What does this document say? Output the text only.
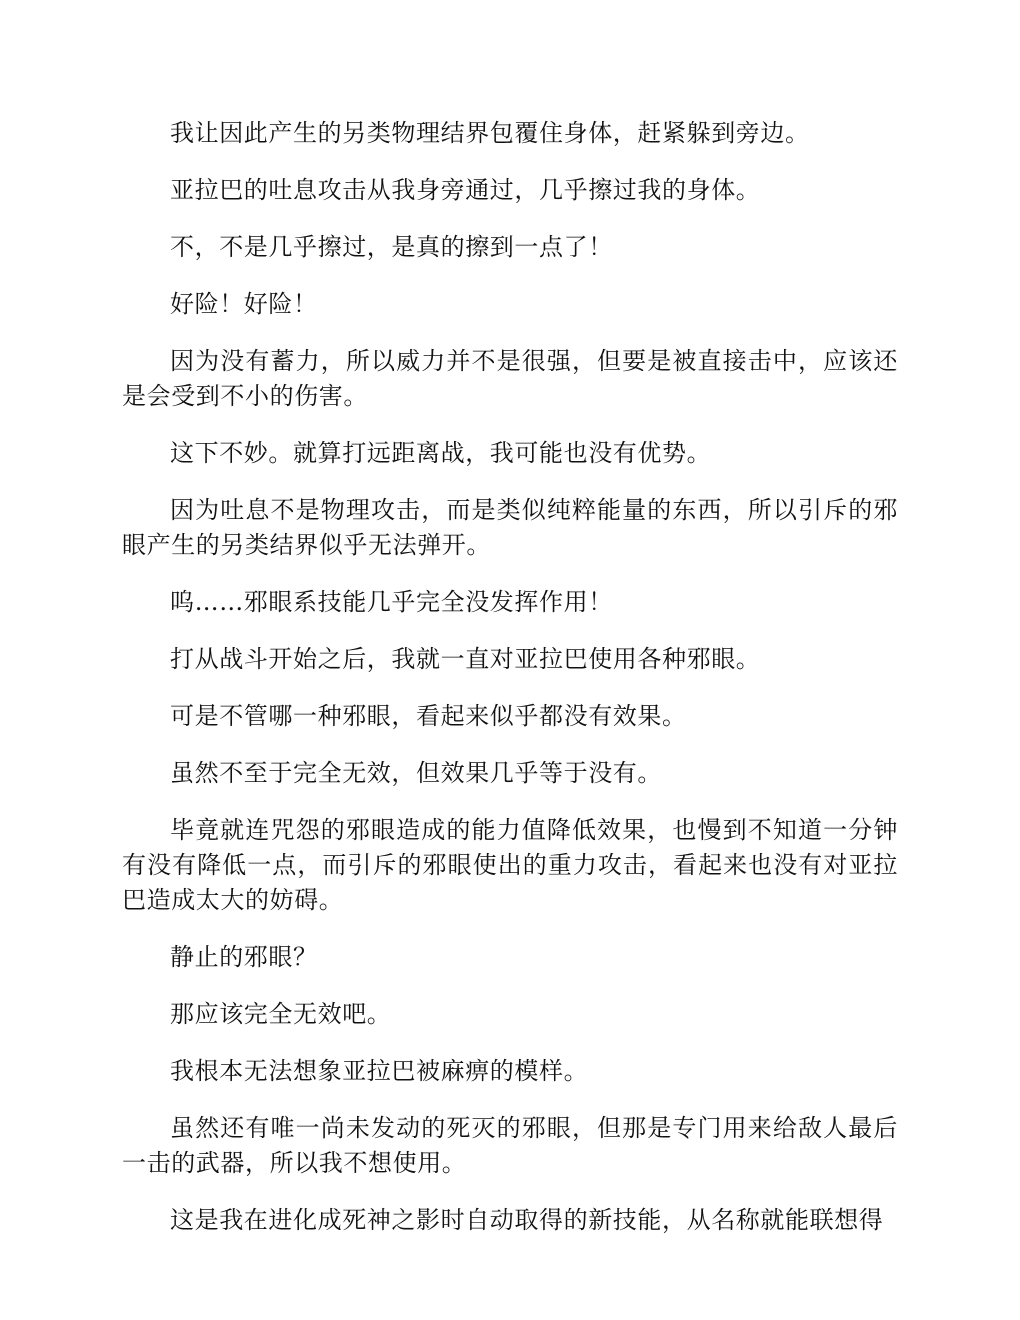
我让因此产生的另类物理结界包覆住身体，赶紧躲到旁边。

亚拉巴的吐息攻击从我身旁通过，几乎擦过我的身体。

不，不是几乎擦过，是真的擦到一点了！

好险！好险！

因为没有蓄力，所以威力并不是很强，但要是被直接击中，应该还是会受到不小的伤害。

这下不妙。就算打远距离战，我可能也没有优势。

因为吐息不是物理攻击，而是类似纯粹能量的东西，所以引斥的邪眼产生的另类结界似乎无法弹开。

呜……邪眼系技能几乎完全没发挥作用！

打从战斗开始之后，我就一直对亚拉巴使用各种邪眼。

可是不管哪一种邪眼，看起来似乎都没有效果。

虽然不至于完全无效，但效果几乎等于没有。

毕竟就连咒怨的邪眼造成的能力值降低效果，也慢到不知道一分钟有没有降低一点，而引斥的邪眼使出的重力攻击，看起来也没有对亚拉巴造成太大的妨碍。

静止的邪眼？

那应该完全无效吧。

我根本无法想象亚拉巴被麻痹的模样。

虽然还有唯一尚未发动的死灭的邪眼，但那是专门用来给敌人最后一击的武器，所以我不想使用。

这是我在进化成死神之影时自动取得的新技能，从名称就能联想得
